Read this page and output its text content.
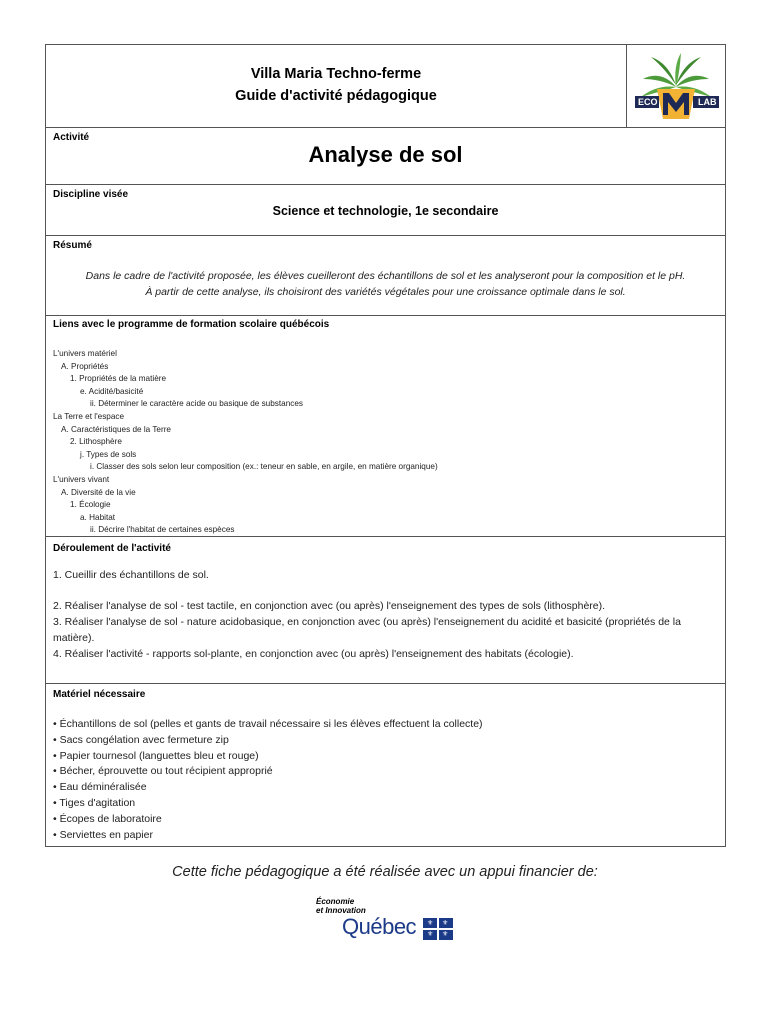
Villa Maria Techno-ferme
Guide d'activité pédagogique	ECO	LAB
Activité
Analyse de sol
Discipline visée
Science et technologie, 1e secondaire
Résumé
Dans le cadre de l'activité proposée, les élèves cueilleront des échantillons de sol et les analyseront pour la composition et le pH.
À partir de cette analyse, ils choisiront des variétés végétales pour une croissance optimale dans le sol.
Liens avec le programme de formation scolaire québécois
L'univers matériel
A. Propriétés
1. Propriétés de la matière
e. Acidité/basicité
ii. Déterminer le caractère acide ou basique de substances
La Terre et l'espace
A. Caractéristiques de la Terre
2. Lithosphère
j. Types de sols
i. Classer des sols selon leur composition (ex.: teneur en sable, en argile, en matière organique)
L'univers vivant
A. Diversité de la vie
1. Écologie
a. Habitat
ii. Décrire l'habitat de certaines espèces
Déroulement de l'activité
1. Cueillir des échantillons de sol.
2. Réaliser l'analyse de sol - test tactile, en conjonction avec (ou après) l'enseignement des types de sols (lithosphère).
3. Réaliser l'analyse de sol - nature acidobasique, en conjonction avec (ou après) l'enseignement du acidité et basicité (propriétés de la matière).
4. Réaliser l'activité - rapports sol-plante, en conjonction avec (ou après) l'enseignement des habitats (écologie).
Matériel nécessaire
• Échantillons de sol (pelles et gants de travail nécessaire si les élèves effectuent la collecte)
• Sacs congélation avec fermeture zip
• Papier tournesol (languettes bleu et rouge)
• Bécher, éprouvette ou tout récipient approprié
• Eau déminéralisée
• Tiges d'agitation
• Écopes de laboratoire
• Serviettes en papier
Cette fiche pédagogique a été réalisée avec un appui financier de:
Économie
et Innovation
Québec ⚜ ⚜
⚜ ⚜
